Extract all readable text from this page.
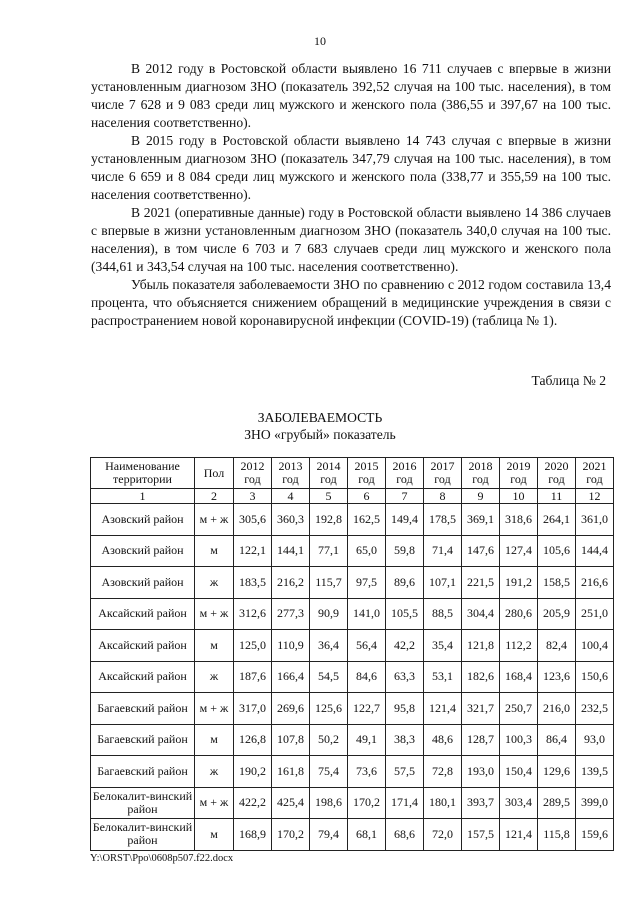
10

В 2012 году в Ростовской области выявлено 16 711 случаев с впервые в жизни установленным диагнозом ЗНО (показатель 392,52 случая на 100 тыс. населения), в том числе 7 628 и 9 083 среди лиц мужского и женского пола (386,55 и 397,67 на 100 тыс. населения соответственно).

В 2015 году в Ростовской области выявлено 14 743 случая с впервые в жизни установленным диагнозом ЗНО (показатель 347,79 случая на 100 тыс. населения), в том числе 6 659 и 8 084 среди лиц мужского и женского пола (338,77 и 355,59 на 100 тыс. населения соответственно).

В 2021 (оперативные данные) году в Ростовской области выявлено 14 386 случаев с впервые в жизни установленным диагнозом ЗНО (показатель 340,0 случая на 100 тыс. населения), в том числе 6 703 и 7 683 случаев среди лиц мужского и женского пола (344,61 и 343,54 случая на 100 тыс. населения соответственно).

Убыль показателя заболеваемости ЗНО по сравнению с 2012 годом составила 13,4 процента, что объясняется снижением обращений в медицинские учреждения в связи с распространением новой коронавирусной инфекции (COVID-19) (таблица № 1).

Таблица № 2
ЗАБОЛЕВАЕМОСТЬ
ЗНО «грубый» показатель
Наименование территории	Пол	2012 год	2013 год	2014 год	2015 год	2016 год	2017 год	2018 год	2019 год	2020 год	2021 год
1	2	3	4	5	6	7	8	9	10	11	12
Азовский район	м + ж	305,6	360,3	192,8	162,5	149,4	178,5	369,1	318,6	264,1	361,0
Азовский район	м	122,1	144,1	77,1	65,0	59,8	71,4	147,6	127,4	105,6	144,4
Азовский район	ж	183,5	216,2	115,7	97,5	89,6	107,1	221,5	191,2	158,5	216,6
Аксайский район	м + ж	312,6	277,3	90,9	141,0	105,5	88,5	304,4	280,6	205,9	251,0
Аксайский район	м	125,0	110,9	36,4	56,4	42,2	35,4	121,8	112,2	82,4	100,4
Аксайский район	ж	187,6	166,4	54,5	84,6	63,3	53,1	182,6	168,4	123,6	150,6
Багаевский район	м + ж	317,0	269,6	125,6	122,7	95,8	121,4	321,7	250,7	216,0	232,5
Багаевский район	м	126,8	107,8	50,2	49,1	38,3	48,6	128,7	100,3	86,4	93,0
Багаевский район	ж	190,2	161,8	75,4	73,6	57,5	72,8	193,0	150,4	129,6	139,5
Белокалит-винский район	м + ж	422,2	425,4	198,6	170,2	171,4	180,1	393,7	303,4	289,5	399,0
Белокалит-винский район	м	168,9	170,2	79,4	68,1	68,6	72,0	157,5	121,4	115,8	159,6
Y:\ORST\Ppo\0608p507.f22.docx
